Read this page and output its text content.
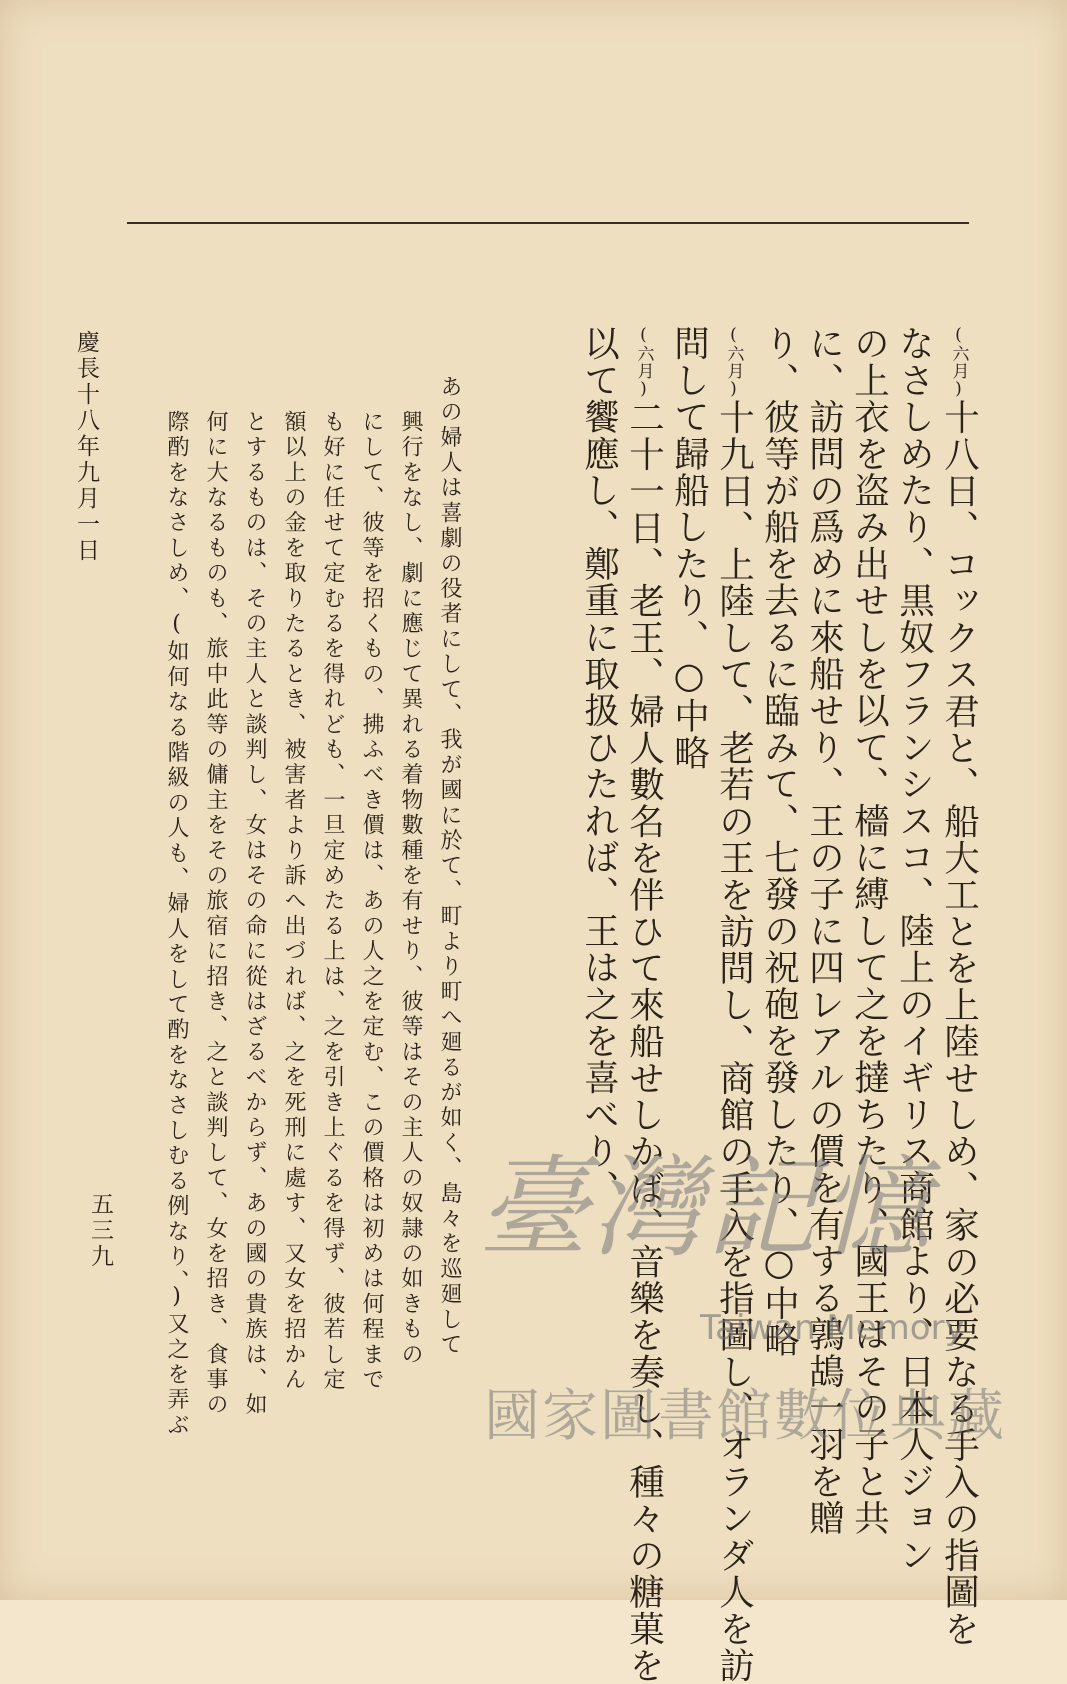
(六月)十八日、コックス君と、船大工とを上陸せしめ、家の必要なる手入の指圖を
なさしめたり、黒奴フランシスコ、陸上のイギリス商館より、日本人ジョン
の上衣を盗み出せしを以て、檣に縛して之を撻ちたり、國王はその子と共
に、訪問の爲めに來船せり、王の子に四レアルの價を有する鶉鴣一羽を贈
り、彼等が船を去るに臨みて、七發の祝砲を發したり、○中略
(六月)十九日、上陸して、老若の王を訪問し、商館の手入を指圖し、オランダ人を訪
問して歸船したり、○中略
(六月)二十一日、老王、婦人數名を伴ひて來船せしかば、音樂を奏し、種々の糖菓を
以て饗應し、鄭重に取扱ひたれば、王は之を喜べり、
あの婦人は喜劇の役者にして、我が國に於て、町より町へ廻るが如く、島々を巡廻して
興行をなし、劇に應じて異れる着物數種を有せり、彼等はその主人の奴隷の如きもの
にして、彼等を招くもの、拂ふべき價は、あの人之を定む、この價格は初めは何程まで
も好に任せて定むるを得れども、一旦定めたる上は、之を引き上ぐるを得ず、彼若し定
額以上の金を取りたるとき、被害者より訴へ出づれば、之を死刑に處す、又女を招かん
とするものは、その主人と談判し、女はその命に從はざるべからず、あの國の貴族は、如
何に大なるものも、旅中此等の傭主をその旅宿に招き、之と談判して、女を招き、食事の
際酌をなさしめ、(如何なる階級の人も、婦人をして酌をなさしむる例なり、)又之を弄ぶ
慶長十八年九月一日
五三九	臺灣記憶
Taiwan Memory
國家圖書館數位典藏
